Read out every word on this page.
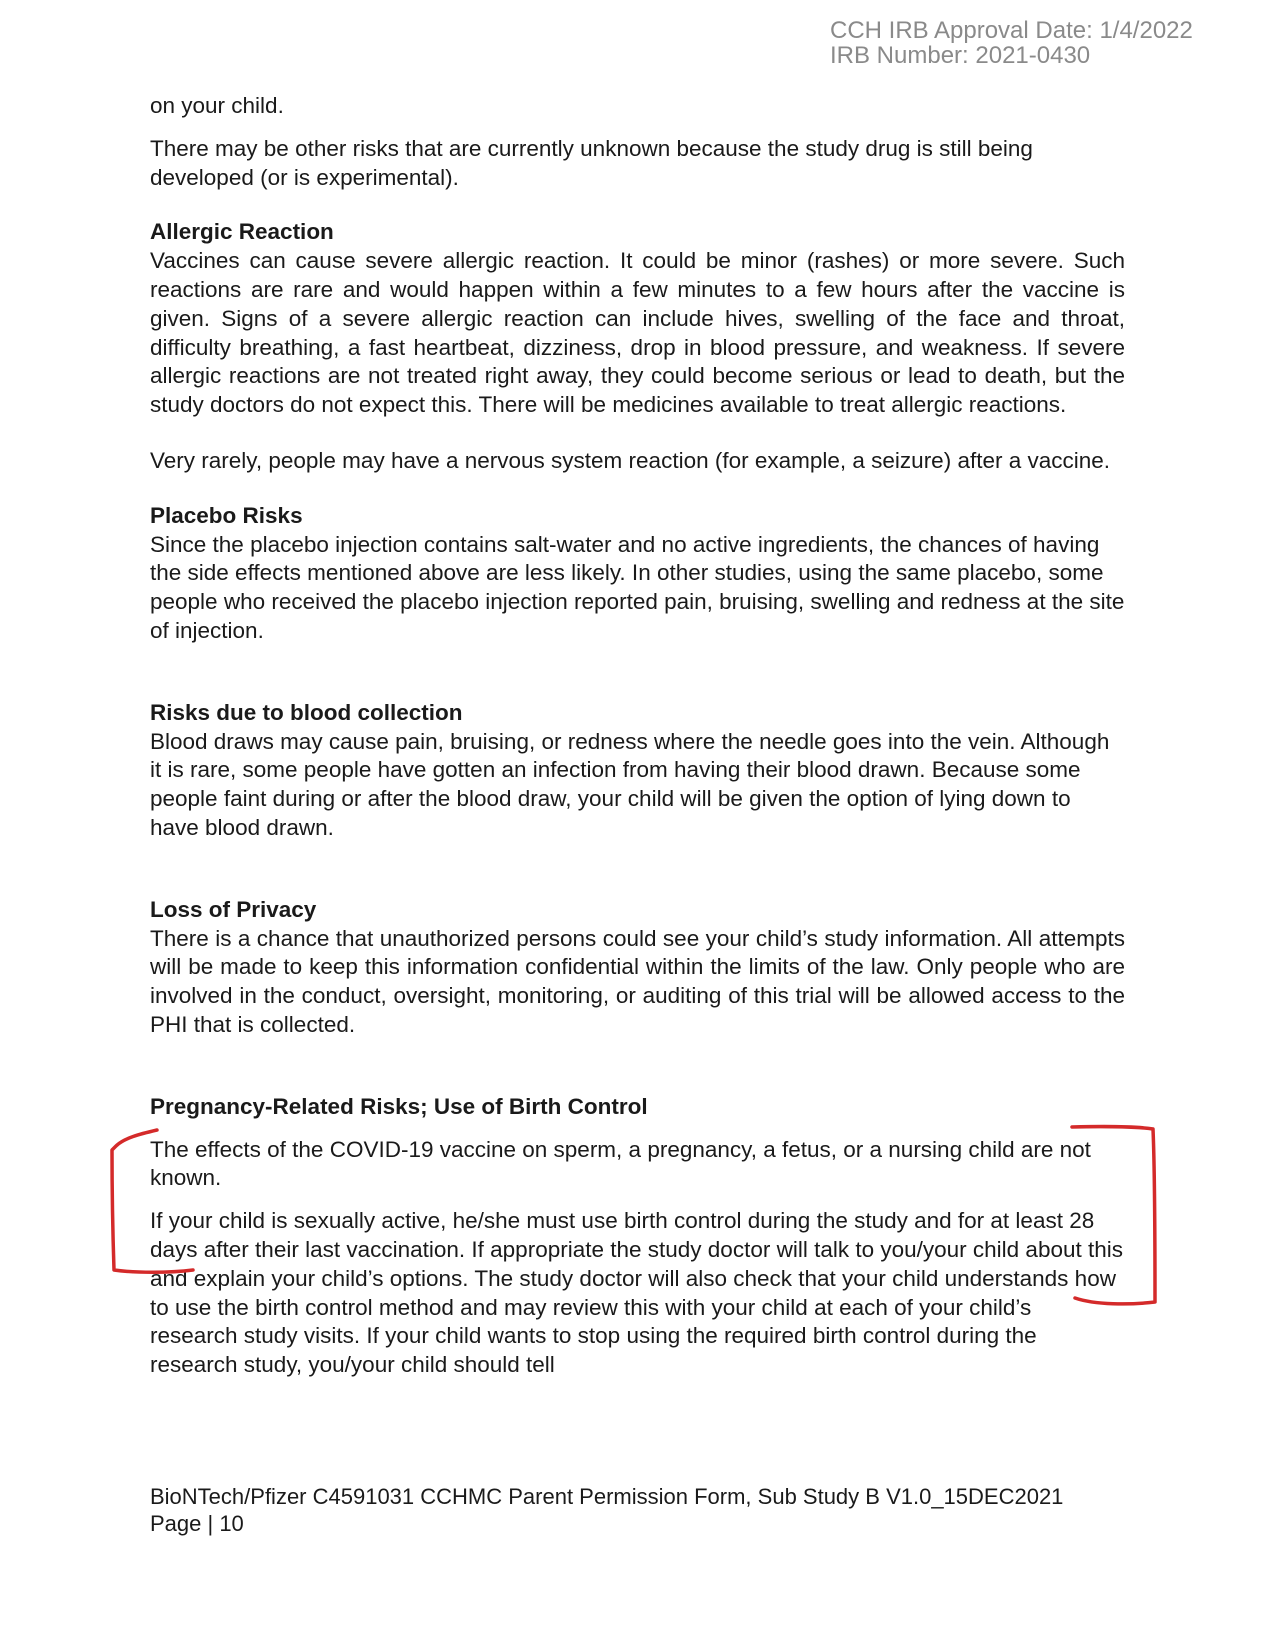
CCH IRB Approval Date: 1/4/2022
IRB Number: 2021-0430

on your child.

There may be other risks that are currently unknown because the study drug is still being developed (or is experimental).

Allergic Reaction

Vaccines can cause severe allergic reaction. It could be minor (rashes) or more severe. Such reactions are rare and would happen within a few minutes to a few hours after the vaccine is given. Signs of a severe allergic reaction can include hives, swelling of the face and throat, difficulty breathing, a fast heartbeat, dizziness, drop in blood pressure, and weakness. If severe allergic reactions are not treated right away, they could become serious or lead to death, but the study doctors do not expect this. There will be medicines available to treat allergic reactions.

Very rarely, people may have a nervous system reaction (for example, a seizure) after a vaccine.

Placebo Risks

Since the placebo injection contains salt-water and no active ingredients, the chances of having the side effects mentioned above are less likely. In other studies, using the same placebo, some people who received the placebo injection reported pain, bruising, swelling and redness at the site of injection.

Risks due to blood collection

Blood draws may cause pain, bruising, or redness where the needle goes into the vein. Although it is rare, some people have gotten an infection from having their blood drawn. Because some people faint during or after the blood draw, your child will be given the option of lying down to have blood drawn.

Loss of Privacy

There is a chance that unauthorized persons could see your child’s study information. All attempts will be made to keep this information confidential within the limits of the law. Only people who are involved in the conduct, oversight, monitoring, or auditing of this trial will be allowed access to the PHI that is collected.

Pregnancy-Related Risks; Use of Birth Control

The effects of the COVID-19 vaccine on sperm, a pregnancy, a fetus, or a nursing child are not known.

If your child is sexually active, he/she must use birth control during the study and for at least 28 days after their last vaccination. If appropriate the study doctor will talk to you/your child about this and explain your child’s options. The study doctor will also check that your child understands how to use the birth control method and may review this with your child at each of your child’s research study visits. If your child wants to stop using the required birth control during the research study, you/your child should tell

BioNTech/Pfizer C4591031 CCHMC Parent Permission Form, Sub Study B V1.0_15DEC2021
Page | 10
